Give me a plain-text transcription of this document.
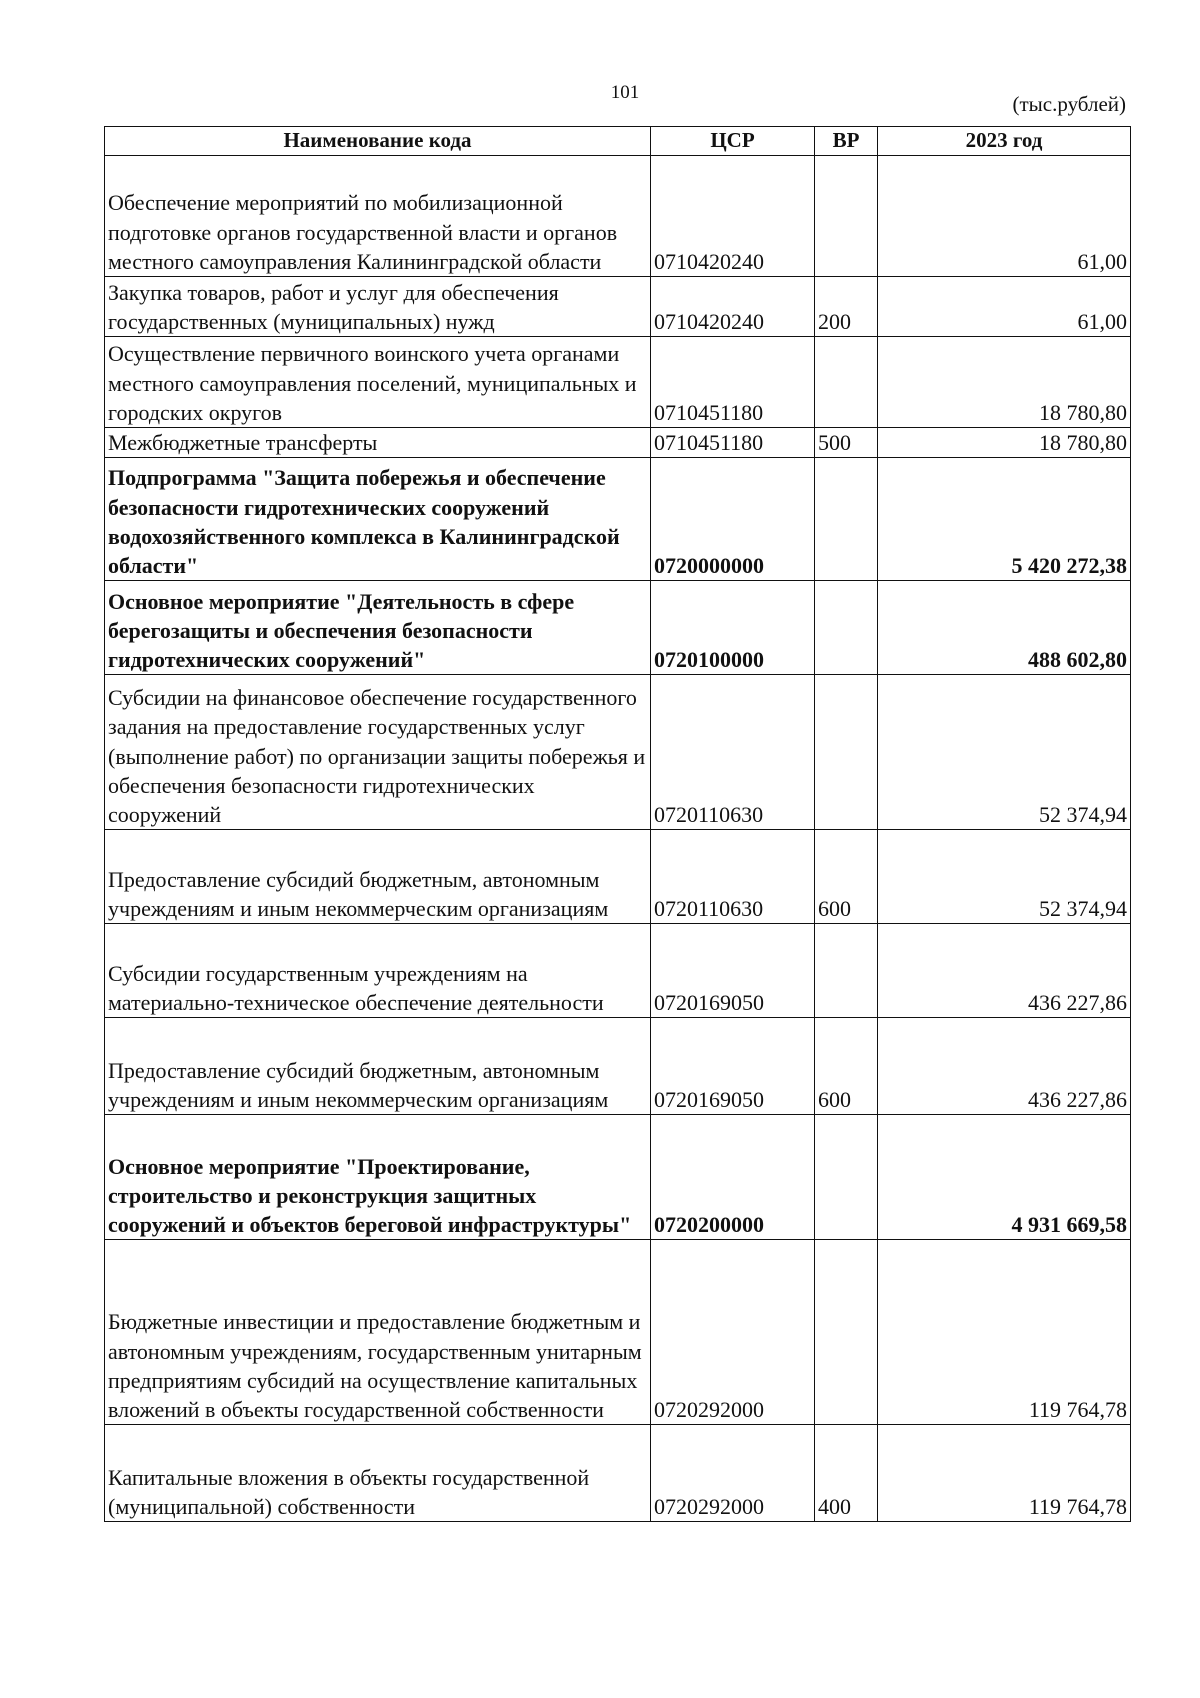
101	(тыс.рублей)
Наименование кода	ЦСР	ВР	2023 год
Обеспечение мероприятий по мобилизационной подготовке органов государственной власти и органов местного самоуправления Калининградской области	0710420240		61,00
Закупка товаров, работ и услуг для обеспечения государственных (муниципальных) нужд	0710420240	200	61,00
Осуществление первичного воинского учета органами местного самоуправления поселений, муниципальных и городских округов	0710451180		18 780,80
Межбюджетные трансферты	0710451180	500	18 780,80
Подпрограмма "Защита побережья и обеспечение безопасности гидротехнических сооружений водохозяйственного комплекса в Калининградской области"	0720000000		5 420 272,38
Основное мероприятие "Деятельность в сфере берегозащиты и обеспечения безопасности гидротехнических сооружений"	0720100000		488 602,80
Субсидии на финансовое обеспечение государственного задания на предоставление государственных услуг (выполнение работ) по организации защиты побережья и обеспечения безопасности гидротехнических сооружений	0720110630		52 374,94
Предоставление субсидий бюджетным, автономным учреждениям и иным некоммерческим организациям	0720110630	600	52 374,94
Субсидии государственным учреждениям на материально-техническое обеспечение деятельности	0720169050		436 227,86
Предоставление субсидий бюджетным, автономным учреждениям и иным некоммерческим организациям	0720169050	600	436 227,86
Основное мероприятие "Проектирование, строительство и реконструкция защитных сооружений и объектов береговой инфраструктуры"	0720200000		4 931 669,58
Бюджетные инвестиции и предоставление бюджетным и автономным учреждениям, государственным унитарным предприятиям субсидий на осуществление капитальных вложений в объекты государственной собственности	0720292000		119 764,78
Капитальные вложения в объекты государственной (муниципальной) собственности	0720292000	400	119 764,78
